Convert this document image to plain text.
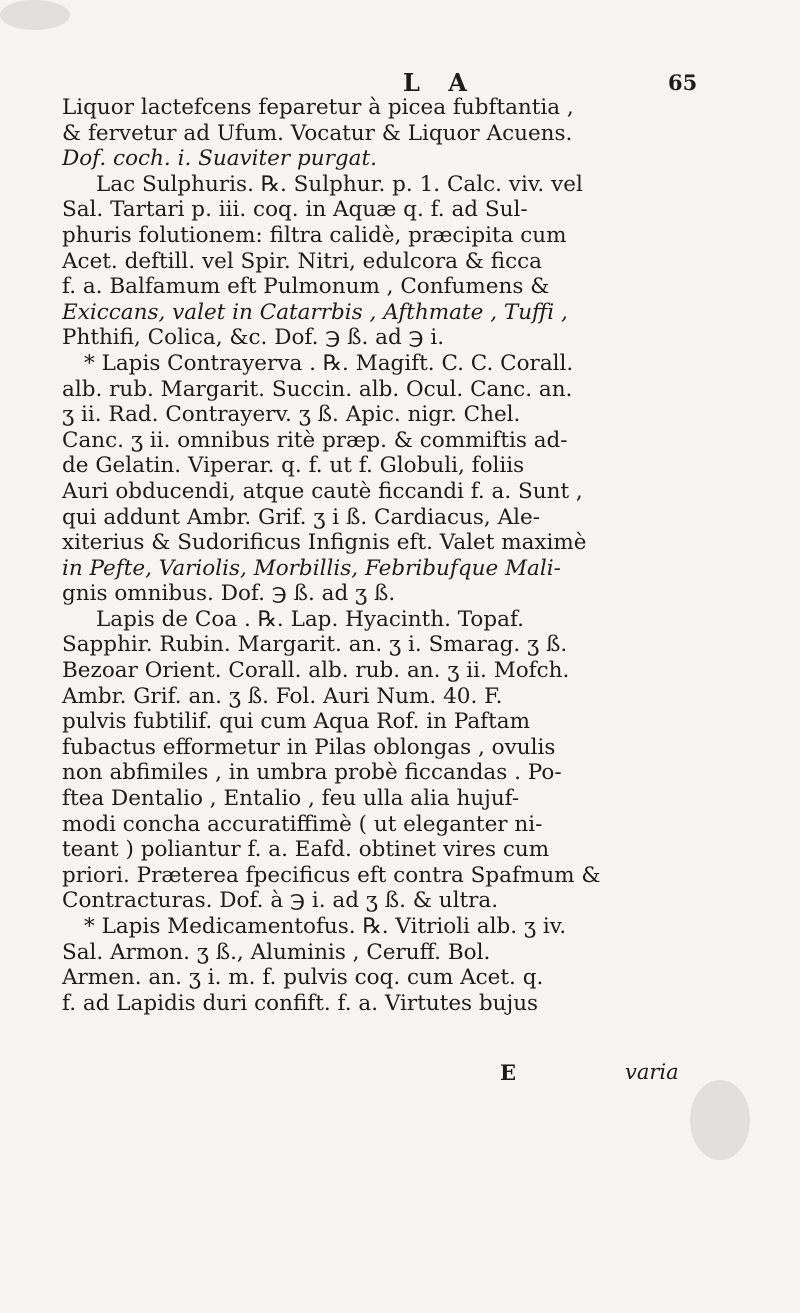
L A	65
Liquor lactefcens feparetur à picea fubftantia ,
& fervetur ad Ufum. Vocatur & Liquor Acuens.
Dof. coch. i. Suaviter purgat.
Lac Sulphuris. ℞. Sulphur. p. 1. Calc. viv. vel
Sal. Tartari p. iii. coq. in Aquæ q. f. ad Sul-
phuris folutionem: filtra calidè, præcipita cum
Acet. deftill. vel Spir. Nitri, edulcora & ficca
f. a. Balfamum eft Pulmonum , Confumens &
Exiccans, valet in Catarrbis , Afthmate , Tuffi ,
Phthifi, Colica, &c. Dof. ℈ ß. ad ℈ i.
* Lapis Contrayerva . ℞. Magift. C. C. Corall.
alb. rub. Margarit. Succin. alb. Ocul. Canc. an.
ʒ ii. Rad. Contrayerv. ʒ ß. Apic. nigr. Chel.
Canc. ʒ ii. omnibus ritè præp. & commiftis ad-
de Gelatin. Viperar. q. f. ut f. Globuli, foliis
Auri obducendi, atque cautè ficcandi f. a. Sunt ,
qui addunt Ambr. Grif. ʒ i ß. Cardiacus, Ale-
xiterius & Sudorificus Infignis eft. Valet maximè
in Pefte, Variolis, Morbillis, Febribufque Mali-
gnis omnibus. Dof. ℈ ß. ad ʒ ß.
Lapis de Coa . ℞. Lap. Hyacinth. Topaf.
Sapphir. Rubin. Margarit. an. ʒ i. Smarag. ʒ ß.
Bezoar Orient. Corall. alb. rub. an. ʒ ii. Mofch.
Ambr. Grif. an. ʒ ß. Fol. Auri Num. 40. F.
pulvis fubtilif. qui cum Aqua Rof. in Paftam
fubactus efformetur in Pilas oblongas , ovulis
non abfimiles , in umbra probè ficcandas . Po-
ftea Dentalio , Entalio , feu ulla alia hujuf-
modi concha accuratiffimè ( ut eleganter ni-
teant ) poliantur f. a. Eafd. obtinet vires cum
priori. Præterea fpecificus eft contra Spafmum &
Contracturas. Dof. à ℈ i. ad ʒ ß. & ultra.
* Lapis Medicamentofus. ℞. Vitrioli alb. ʒ iv.
Sal. Armon. ʒ ß., Aluminis , Ceruff. Bol.
Armen. an. ʒ i. m. f. pulvis coq. cum Acet. q.
f. ad Lapidis duri confift. f. a. Virtutes bujus
E	varia
